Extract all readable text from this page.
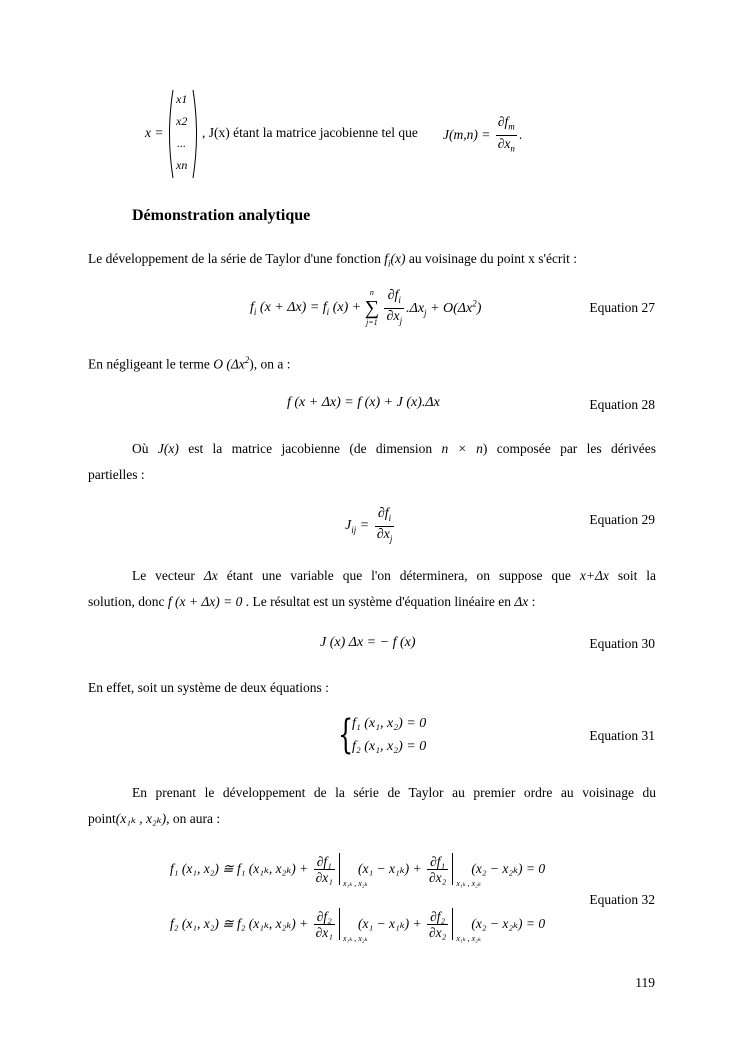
x =
x1
x2
...
xn
, J(x) étant la matrice jacobienne tel que $J(m,n) = \frac{\partial f_m}{\partial x_n}$ .
Démonstration analytique
Le développement de la série de Taylor d'une fonction $f_i(x)$ au voisinage du point x s'écrit :
$f_i$ $(x + \Delta x) = f_i$ (x) +
n
∑
j=1
$\frac{\partial f_i}{\partial x_j} .\Delta x_j + O(\Delta x^2)$	Equation 27
En négligeant le terme O $(\Delta x^2)$, on a :
f (x + Δx) = f (x) + J (x).Δx	Equation 28
Où J(x) est la matrice jacobienne (de dimension n × n) composée par les dérivées
partielles :
$J_{ij} = \frac{\partial f_i}{\partial x_j}$	Equation 29
Le vecteur Δx étant une variable que l'on déterminera, on suppose que x+Δx soit la
solution, donc f (x + Δx) = 0 . Le résultat est un système d'équation linéaire en Δx :
J (x) Δx = − f (x)	Equation 30
En effet, soit un système de deux équations :
{
f₁ (x₁, x₂) = 0
f₂ (x₁, x₂) = 0
Equation 31
En prenant le développement de la série de Taylor au premier ordre au voisinage du
point(x₁ₖ , x₂ₖ), on aura :
f₁ (x₁, x₂) ≅ f₁ (x₁ₖ, $x_{2k}) + \frac{\text{∂f₁}}{\text{∂x₁}} x_{1k}$ , x₂ₖ
$(x_1 - x_{1k}) + \frac{\text{∂f₁}}{\text{∂x₂}} x_{1k}$ , x₂ₖ
(x₂ − x₂ₖ) = 0
f₂ (x₁, x₂) ≅ f₂ (x₁ₖ, $x_{2k}) + \frac{\text{∂f₂}}{\text{∂x₁}} x_{1k}$ , x₂ₖ
$(x_1 - x_{1k}) + \frac{\text{∂f₂}}{\text{∂x₂}} x_{1k}$ , x₂ₖ
(x₂ − x₂ₖ) = 0
Equation 32
119
